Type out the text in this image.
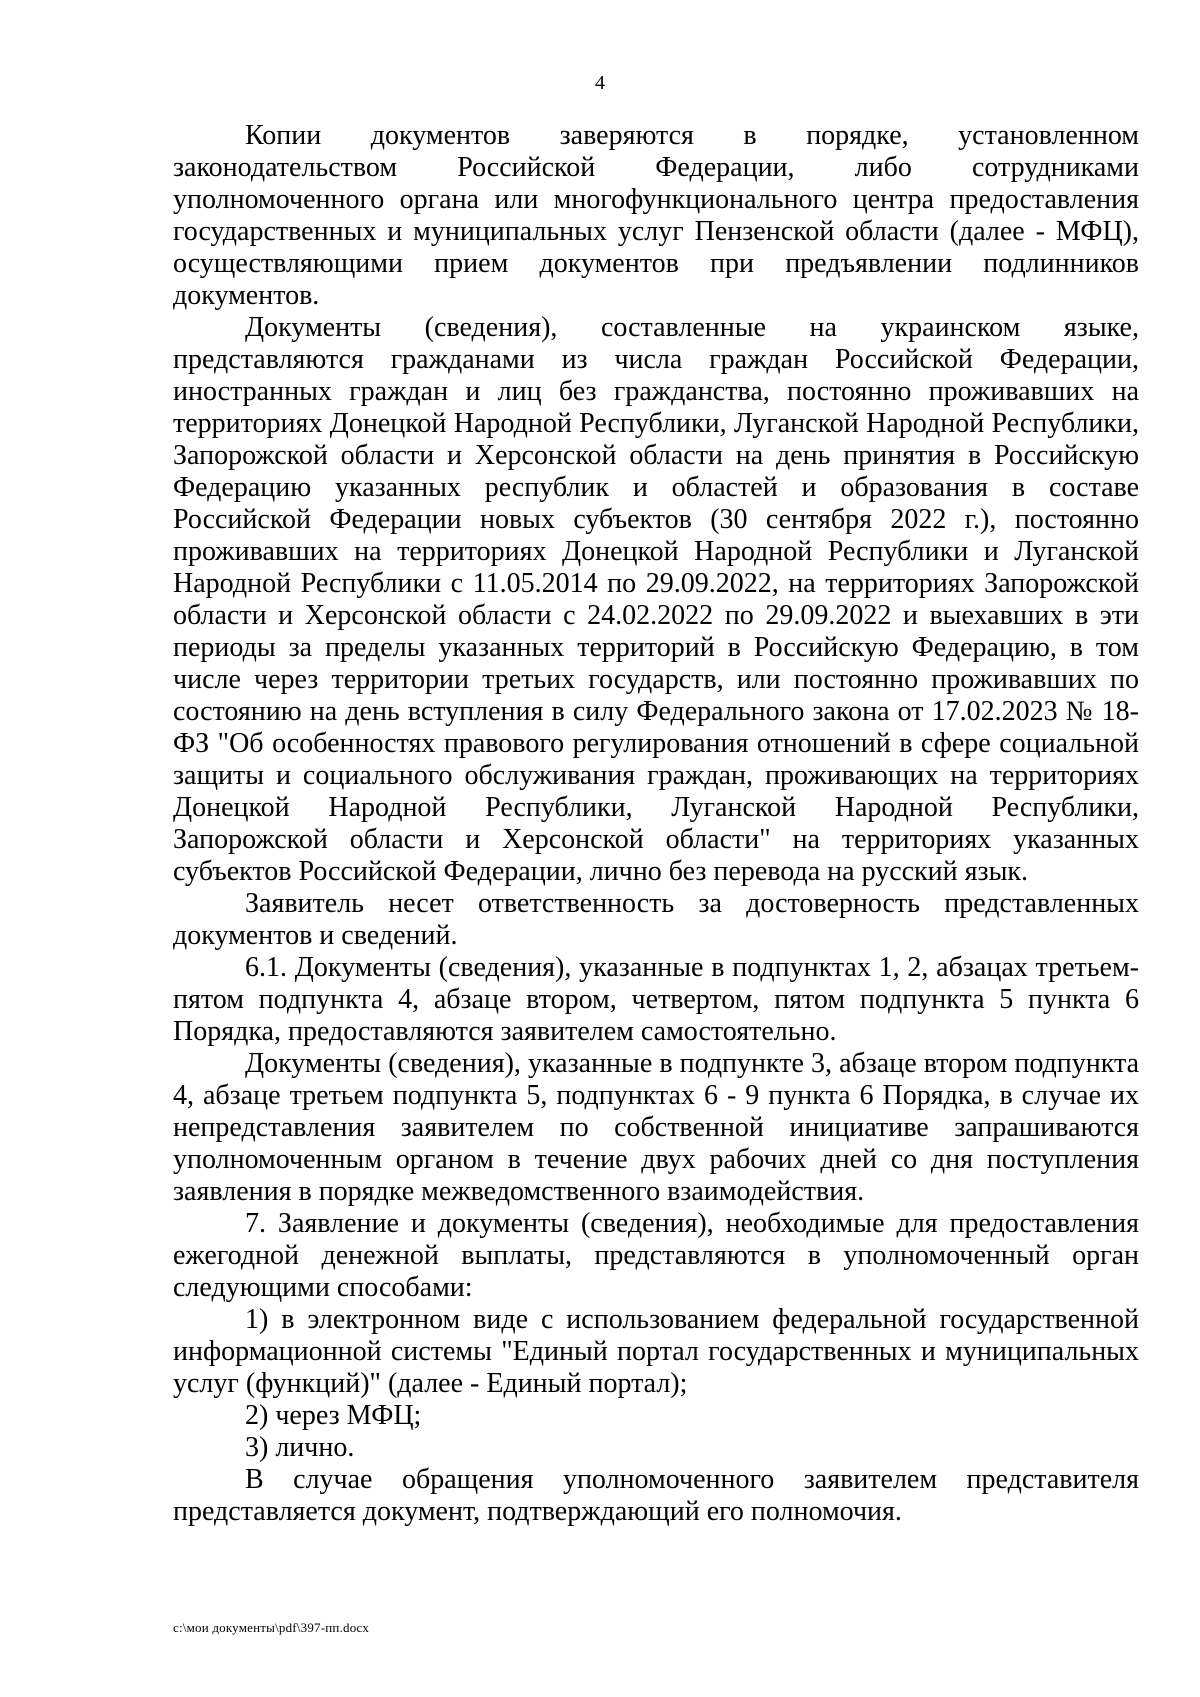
4

Копии документов заверяются в порядке, установленном законодательством Российской Федерации, либо сотрудниками уполномоченного органа или многофункционального центра предоставления государственных и муниципальных услуг Пензенской области (далее - МФЦ), осуществляющими прием документов при предъявлении подлинников документов.

Документы (сведения), составленные на украинском языке, представляются гражданами из числа граждан Российской Федерации, иностранных граждан и лиц без гражданства, постоянно проживавших на территориях Донецкой Народной Республики, Луганской Народной Республики, Запорожской области и Херсонской области на день принятия в Российскую Федерацию указанных республик и областей и образования в составе Российской Федерации новых субъектов (30 сентября 2022 г.), постоянно проживавших на территориях Донецкой Народной Республики и Луганской Народной Республики с 11.05.2014 по 29.09.2022, на территориях Запорожской области и Херсонской области с 24.02.2022 по 29.09.2022 и выехавших в эти периоды за пределы указанных территорий в Российскую Федерацию, в том числе через территории третьих государств, или постоянно проживавших по состоянию на день вступления в силу Федерального закона от 17.02.2023 № 18-ФЗ "Об особенностях правового регулирования отношений в сфере социальной защиты и социального обслуживания граждан, проживающих на территориях Донецкой Народной Республики, Луганской Народной Республики, Запорожской области и Херсонской области" на территориях указанных субъектов Российской Федерации, лично без перевода на русский язык.

Заявитель несет ответственность за достоверность представленных документов и сведений.

6.1. Документы (сведения), указанные в подпунктах 1, 2, абзацах третьем-пятом подпункта 4, абзаце втором, четвертом, пятом подпункта 5 пункта 6 Порядка, предоставляются заявителем самостоятельно.

Документы (сведения), указанные в подпункте 3, абзаце втором подпункта 4, абзаце третьем подпункта 5, подпунктах 6 - 9 пункта 6 Порядка, в случае их непредставления заявителем по собственной инициативе запрашиваются уполномоченным органом в течение двух рабочих дней со дня поступления заявления в порядке межведомственного взаимодействия.

7. Заявление и документы (сведения), необходимые для предоставления ежегодной денежной выплаты, представляются в уполномоченный орган следующими способами:

1) в электронном виде с использованием федеральной государственной информационной системы "Единый портал государственных и муниципальных услуг (функций)" (далее - Единый портал);

2) через МФЦ;

3) лично.

В случае обращения уполномоченного заявителем представителя представляется документ, подтверждающий его полномочия.

c:\мои документы\pdf\397-пп.docx
